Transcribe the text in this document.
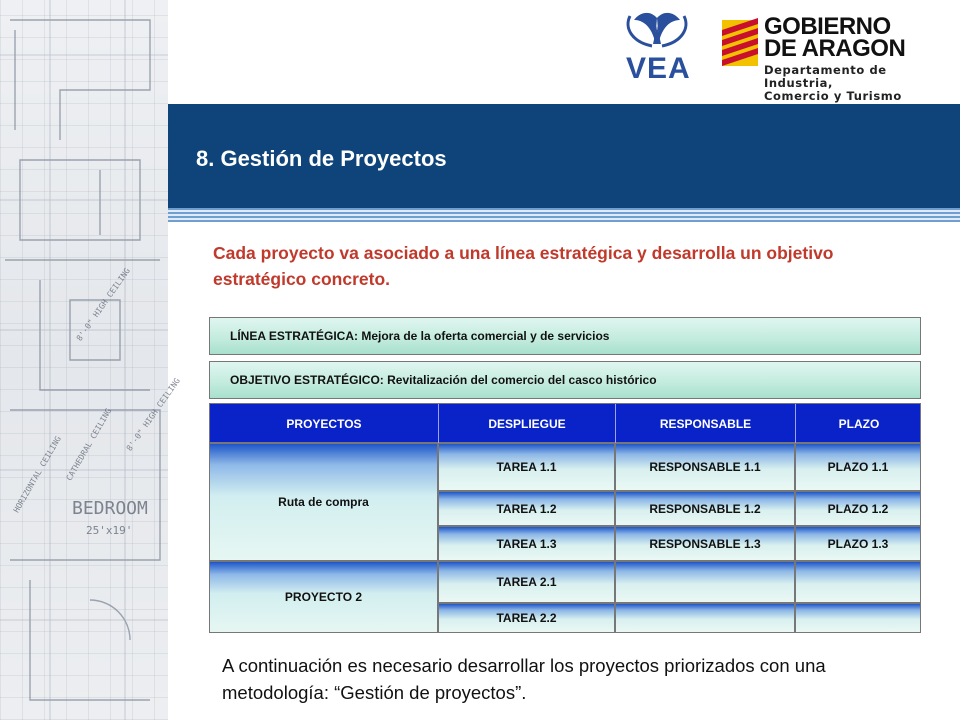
BEDROOM
25'x19'
CATHEDRAL CEILING
HORIZONTAL CEILING
8'-0" HIGH CEILING
8'-0" HIGH CEILING
VEA
GOBIERNO
DE ARAGON
Departamento de Industria,
Comercio y Turismo
8. Gestión de Proyectos

Cada proyecto va asociado a una línea estratégica y desarrolla un objetivo estratégico concreto.

LÍNEA ESTRATÉGICA: Mejora de la oferta comercial y de servicios
OBJETIVO ESTRATÉGICO: Revitalización del comercio del casco histórico
PROYECTOS	DESPLIEGUE	RESPONSABLE	PLAZO
Ruta de compra
TAREA 1.1	RESPONSABLE 1.1	PLAZO 1.1
TAREA 1.2	RESPONSABLE 1.2	PLAZO 1.2
TAREA 1.3	RESPONSABLE 1.3	PLAZO 1.3
PROYECTO 2
TAREA 2.1
TAREA 2.2

A continuación es necesario desarrollar los proyectos priorizados con una metodología: “Gestión de proyectos”.
